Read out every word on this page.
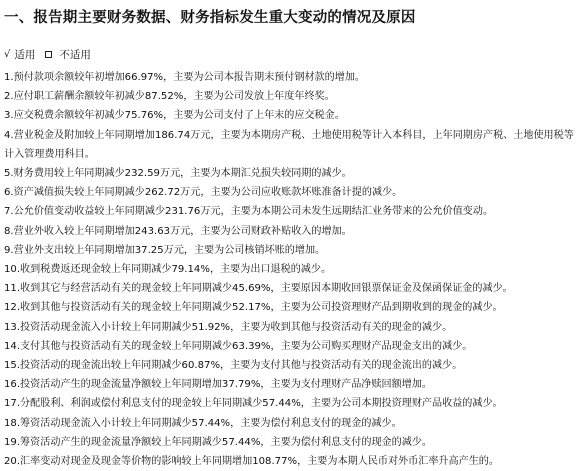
一、报告期主要财务数据、财务指标发生重大变动的情况及原因
√ 适用 不适用
1.预付款项余额较年初增加66.97%，主要为公司本报告期末预付钢材款的增加。
2.应付职工薪酬余额较年初减少87.52%，主要为公司发放上年度年终奖。
3.应交税费余额较年初减少75.76%，主要为公司支付了上年末的应交税金。
4.营业税金及附加较上年同期增加186.74万元，主要为本期房产税、土地使用税等计入本科目，上年同期房产税、土地使用税等计入管理费用科目。
5.财务费用较上年同期减少232.59万元，主要为本期汇兑损失较同期的减少。
6.资产减值损失较上年同期减少262.72万元，主要为公司应收账款坏账准备计提的减少。
7.公允价值变动收益较上年同期减少231.76万元，主要为本期公司未发生远期结汇业务带来的公允价值变动。
8.营业外收入较上年同期增加243.63万元，主要为公司财政补贴收入的增加。
9.营业外支出较上年同期增加37.25万元，主要为公司核销坏账的增加。
10.收到税费返还现金较上年同期减少79.14%，主要为出口退税的减少。
11.收到其它与经营活动有关的现金较上年同期减少45.69%，主要原因本期收回银票保证金及保函保证金的减少。
12.收到其他与投资活动有关的现金较上年同期减少52.17%，主要为公司投资理财产品到期收到的现金的减少。
13.投资活动现金流入小计较上年同期减少51.92%，主要为收到其他与投资活动有关的现金的减少。
14.支付其他与投资活动有关的现金较上年同期减少63.39%，主要为公司购买理财产品现金支出的减少。
15.投资活动的现金流出较上年同期减少60.87%，主要为支付其他与投资活动有关的现金流出的减少。
16.投资活动产生的现金流量净额较上年同期增加37.79%，主要为支付理财产品净赎回额增加。
17.分配股利、利润或偿付利息支付的现金较上年同期减少57.44%，主要为公司本期投资理财产品收益的减少。
18.筹资活动现金流入小计较上年同期减少57.44%，主要为偿付利息支付的现金的减少。
19.筹资活动产生的现金流量净额较上年同期减少57.44%，主要为偿付利息支付的现金的减少。
20.汇率变动对现金及现金等价物的影响较上年同期增加108.77%，主要为本期人民币对外币汇率升高产生的。
